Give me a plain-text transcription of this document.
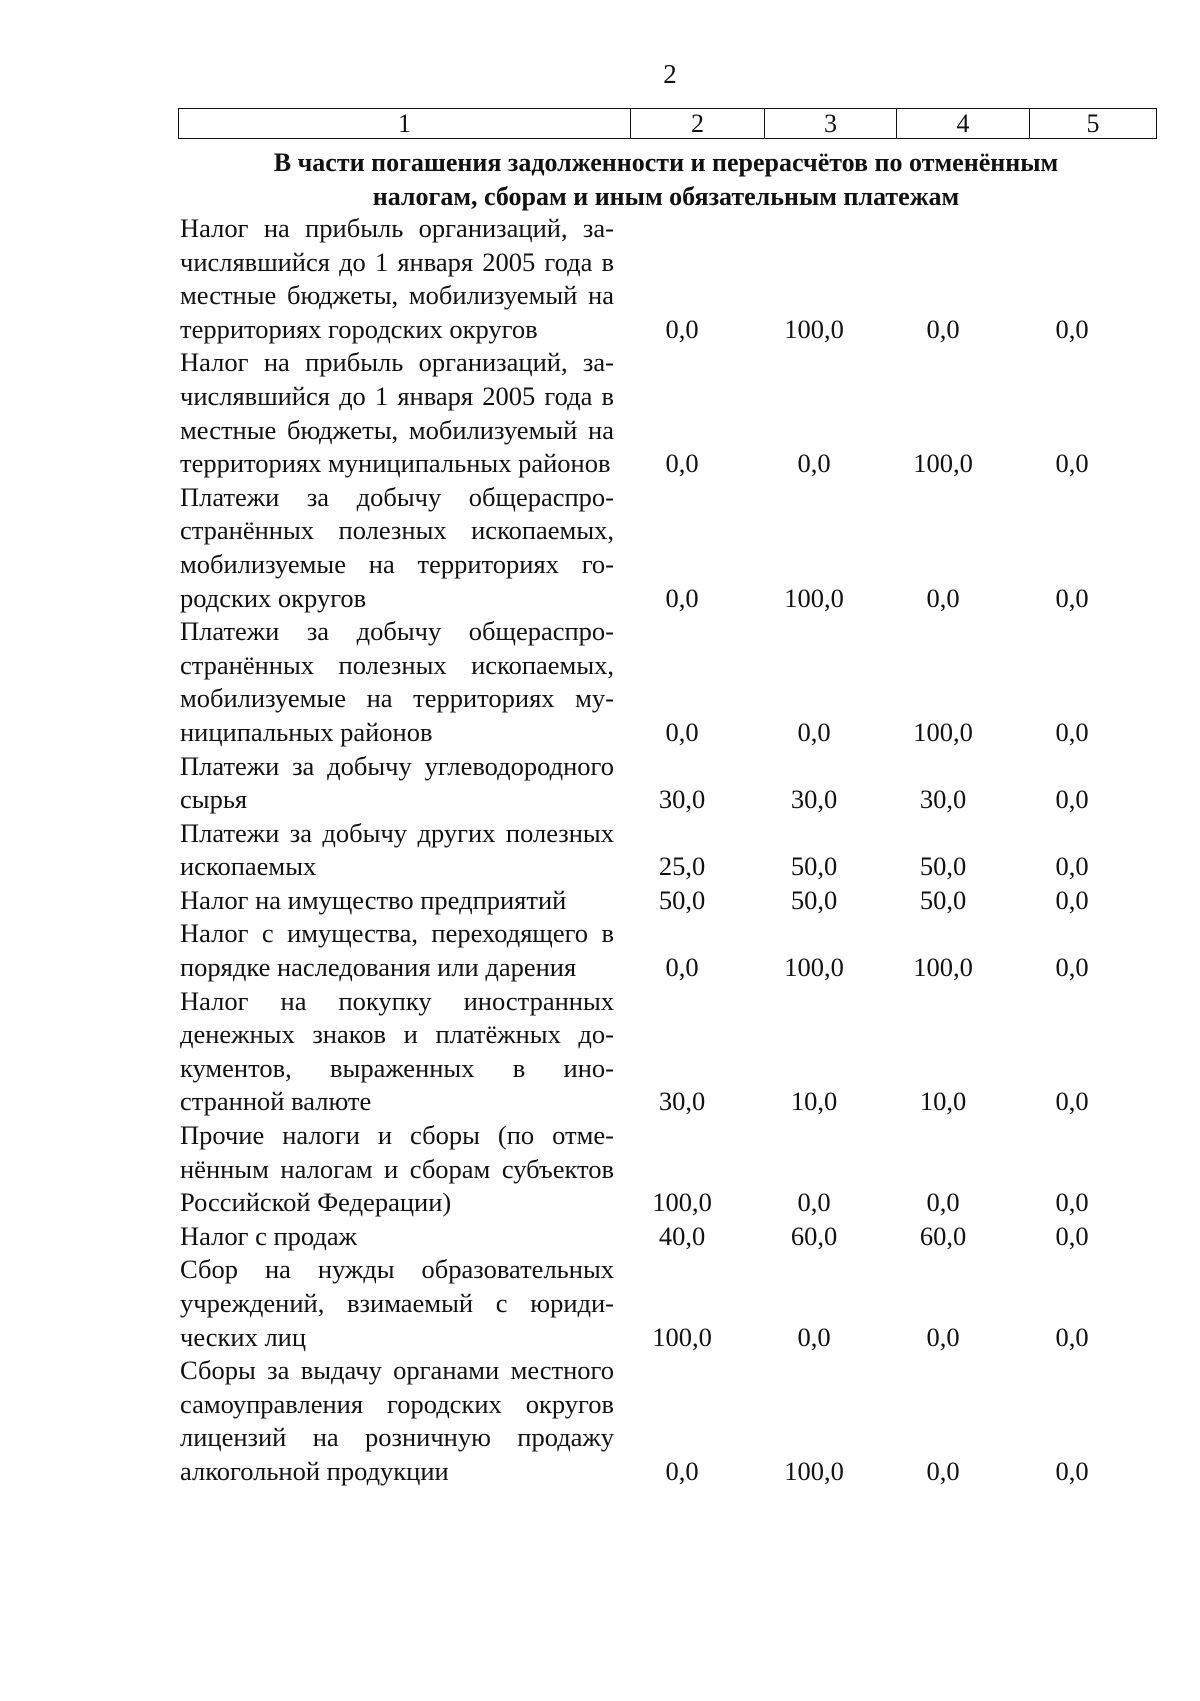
2
1	2	3	4	5
В части погашения задолженности и перерасчётов по отменённым
налогам, сборам и иным обязательным платежам
Налог на прибыль организаций, зачислявшийся до 1 января 2005 года в местные бюджеты, мобилизуемый на территориях городских округов	0,0	100,0	0,0	0,0
Налог на прибыль организаций, зачислявшийся до 1 января 2005 года в местные бюджеты, мобилизуемый на территориях муниципальных районов	0,0	0,0	100,0	0,0
Платежи за добычу общераспространённых полезных ископаемых, мобилизуемые на территориях городских округов	0,0	100,0	0,0	0,0
Платежи за добычу общераспространённых полезных ископаемых, мобилизуемые на территориях муниципальных районов	0,0	0,0	100,0	0,0
Платежи за добычу углеводородного сырья	30,0	30,0	30,0	0,0
Платежи за добычу других полезных ископаемых	25,0	50,0	50,0	0,0
Налог на имущество предприятий	50,0	50,0	50,0	0,0
Налог с имущества, переходящего в порядке наследования или дарения	0,0	100,0	100,0	0,0
Налог на покупку иностранных денежных знаков и платёжных документов, выраженных в иностранной валюте	30,0	10,0	10,0	0,0
Прочие налоги и сборы (по отменённым налогам и сборам субъектов Российской Федерации)	100,0	0,0	0,0	0,0
Налог с продаж	40,0	60,0	60,0	0,0
Сбор на нужды образовательных учреждений, взимаемый с юридических лиц	100,0	0,0	0,0	0,0
Сборы за выдачу органами местного самоуправления городских округов лицензий на розничную продажу алкогольной продукции	0,0	100,0	0,0	0,0
